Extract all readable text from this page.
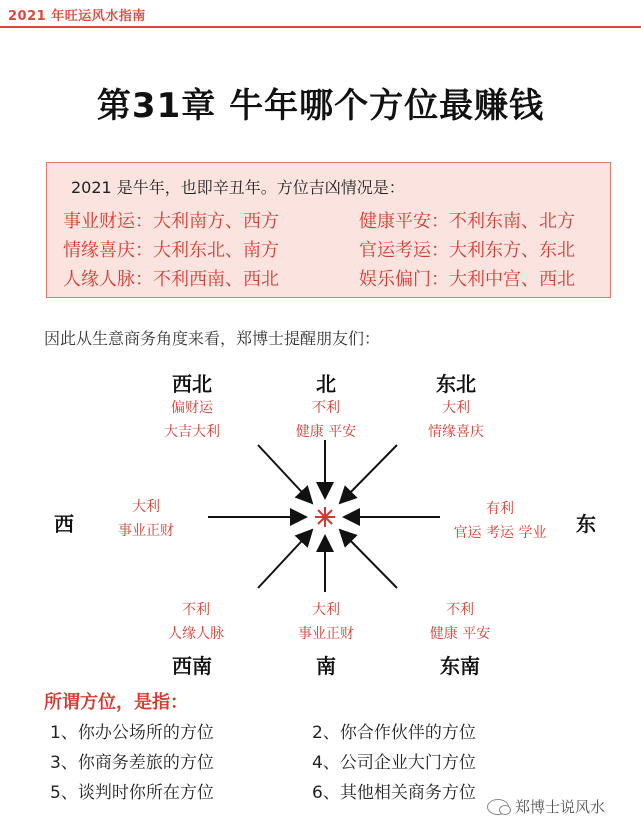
2021 年旺运风水指南
第31章 牛年哪个方位最赚钱
2021 是牛年，也即辛丑年。方位吉凶情况是：
事业财运：大利南方、西方
情缘喜庆：大利东北、南方
人缘人脉：不利西南、西北
健康平安：不利东南、北方
官运考运：大利东方、东北
娱乐偏门：大利中宫、西北
因此从生意商务角度来看，郑博士提醒朋友们：
西北	北	东北
偏财运
大吉大利
不利
健康 平安
大利
情缘喜庆
西
大利
事业正财
有利
官运 考运 学业	东
不利
人缘人脉
大利
事业正财
不利
健康 平安
西南	南	东南
所谓方位，是指：
1、你办公场所的方位	2、你合作伙伴的方位
3、你商务差旅的方位	4、公司企业大门方位
5、谈判时你所在方位	6、其他相关商务方位
郑博士说风水
